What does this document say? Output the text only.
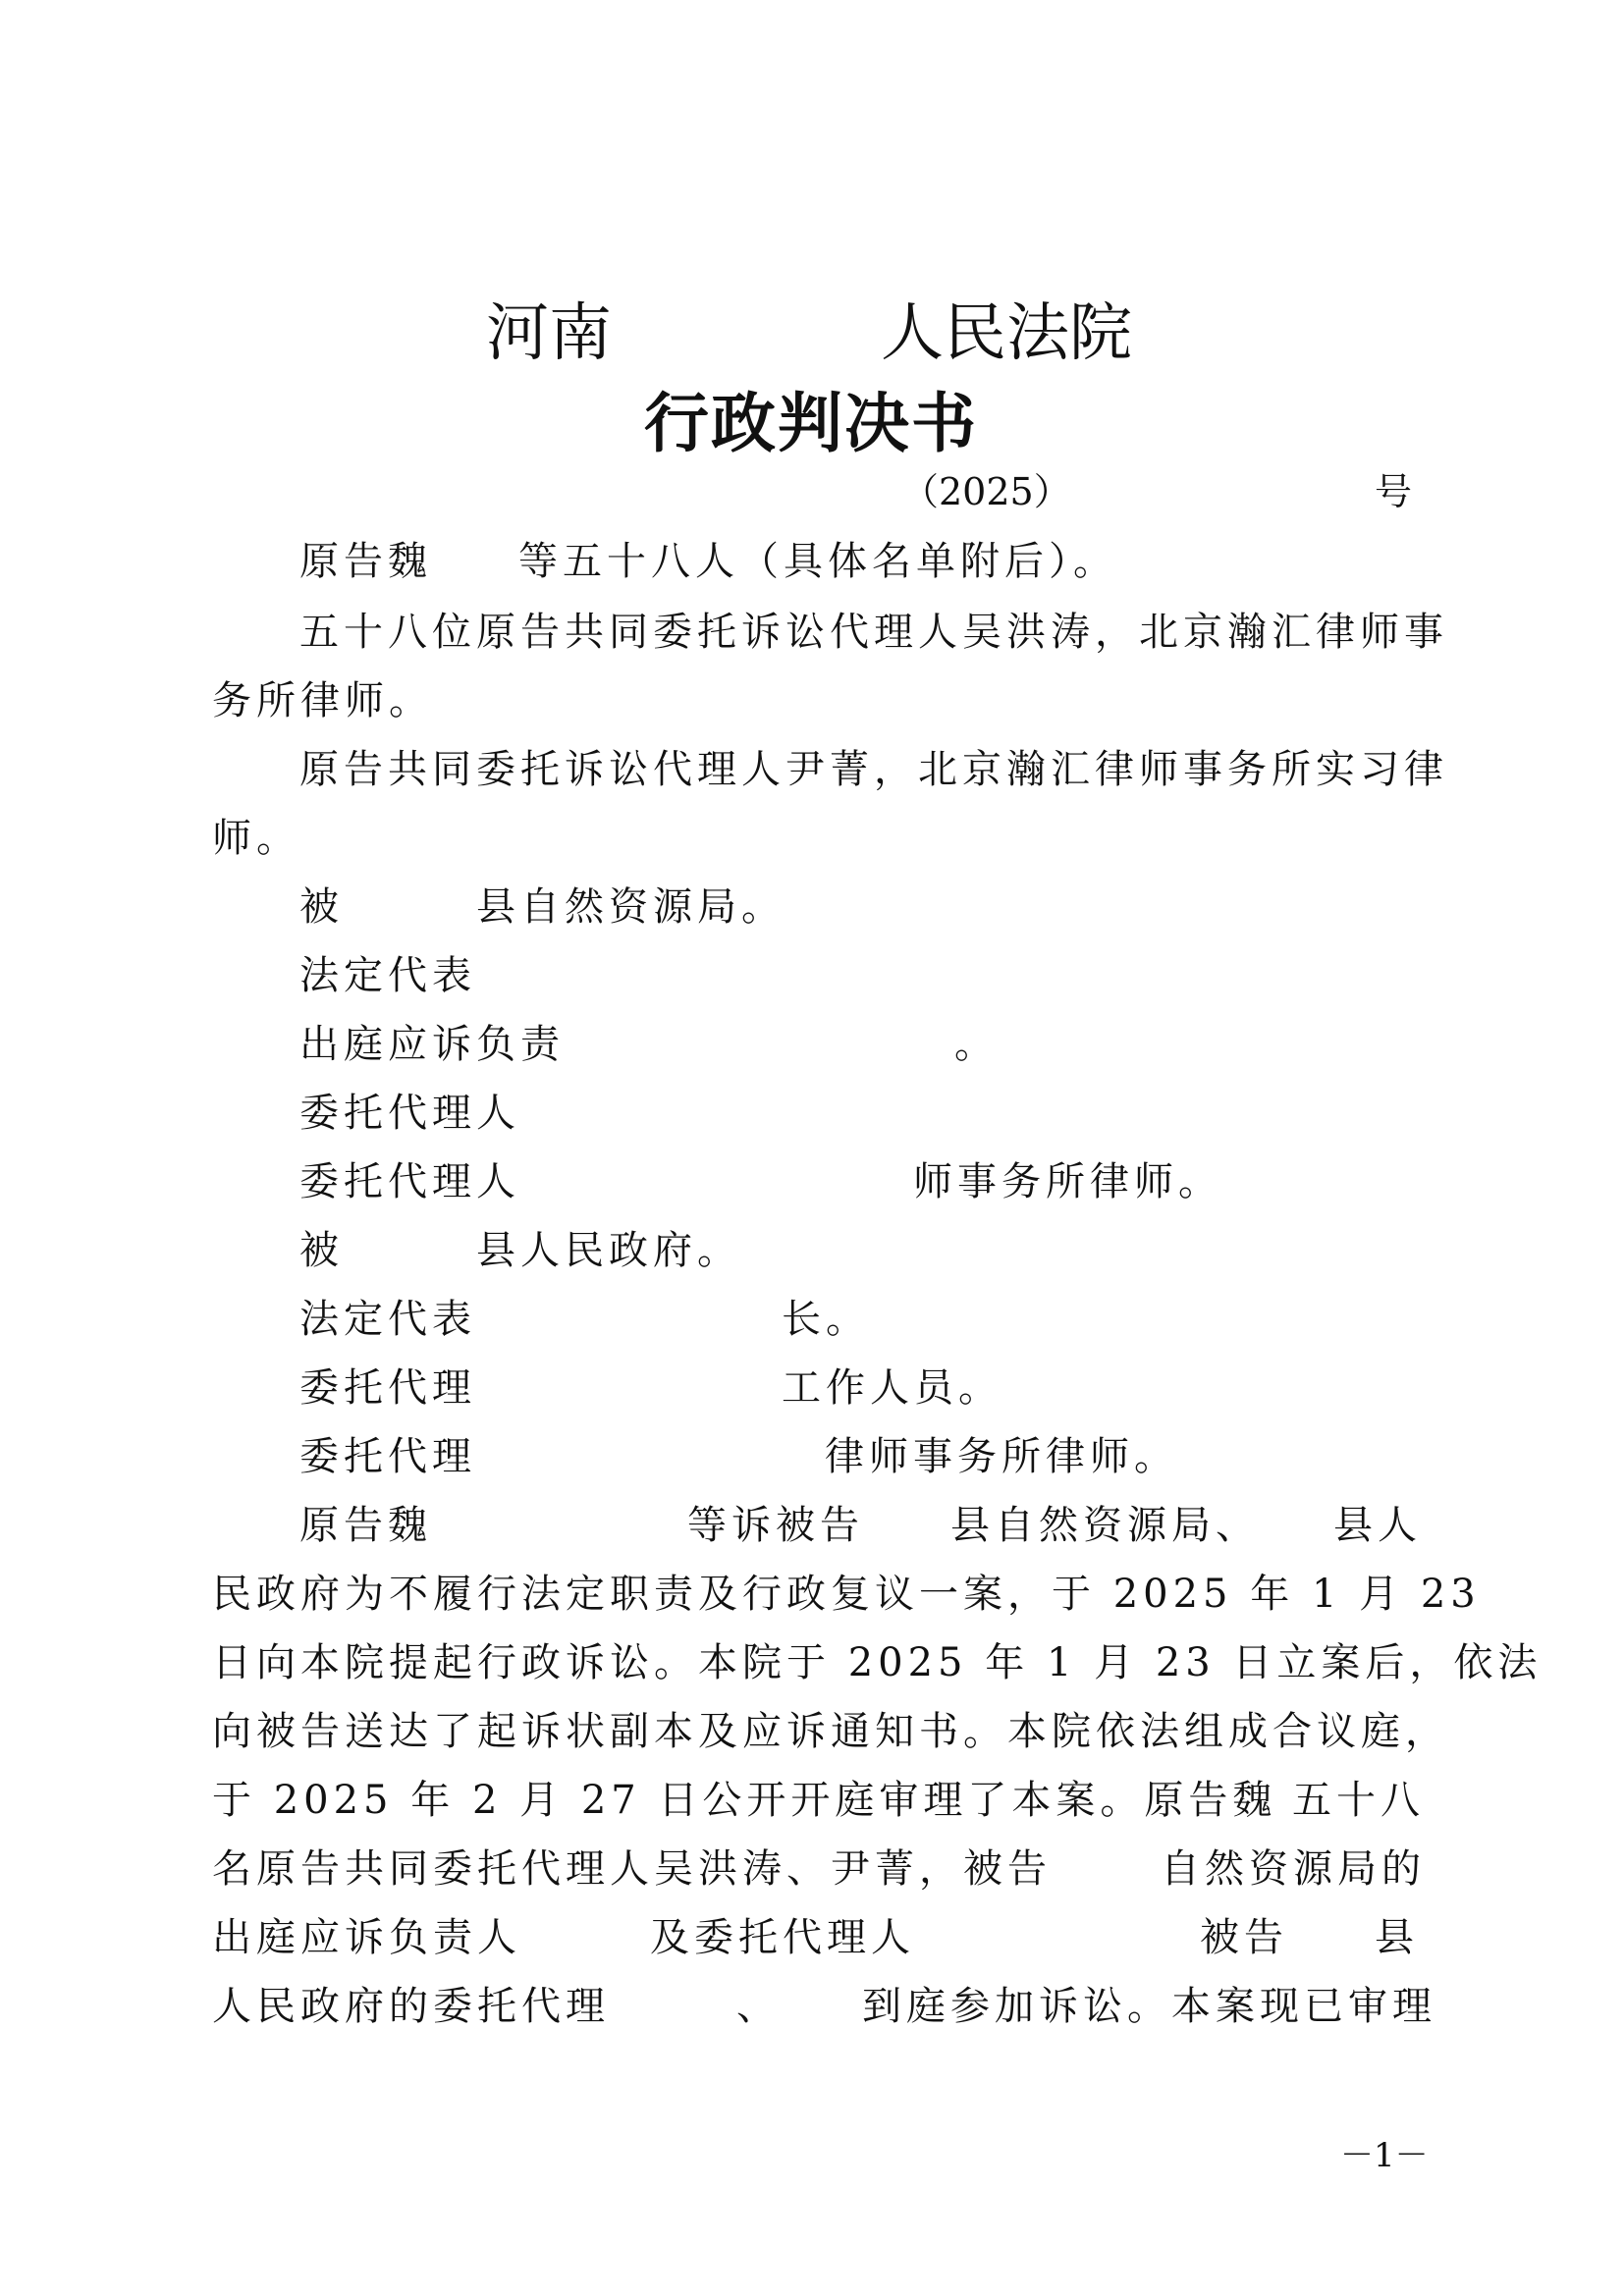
河南	人民法院
行政判决书
（2025）	号
原告魏 等五十八人（具体名单附后）。
五十八位原告共同委托诉讼代理人吴洪涛，北京瀚汇律师事
务所律师。
原告共同委托诉讼代理人尹菁，北京瀚汇律师事务所实习律
师。
被	县自然资源局。
法定代表
出庭应诉负责	。
委托代理人
委托代理人	师事务所律师。
被	县人民政府。
法定代表	长。
委托代理	工作人员。
委托代理	律师事务所律师。
原告魏	等诉被告 县自然资源局、 县人
民政府为不履行法定职责及行政复议一案，于 2025 年 1 月 23
日向本院提起行政诉讼。本院于 2025 年 1 月 23 日立案后，依法
向被告送达了起诉状副本及应诉通知书。本院依法组成合议庭，
于 2025 年 2 月 27 日公开开庭审理了本案。原告魏 五十八
名原告共同委托代理人吴洪涛、尹菁，被告	自然资源局的
出庭应诉负责人	及委托代理人	被告 县
人民政府的委托代理	、 到庭参加诉讼。本案现已审理
－1－
